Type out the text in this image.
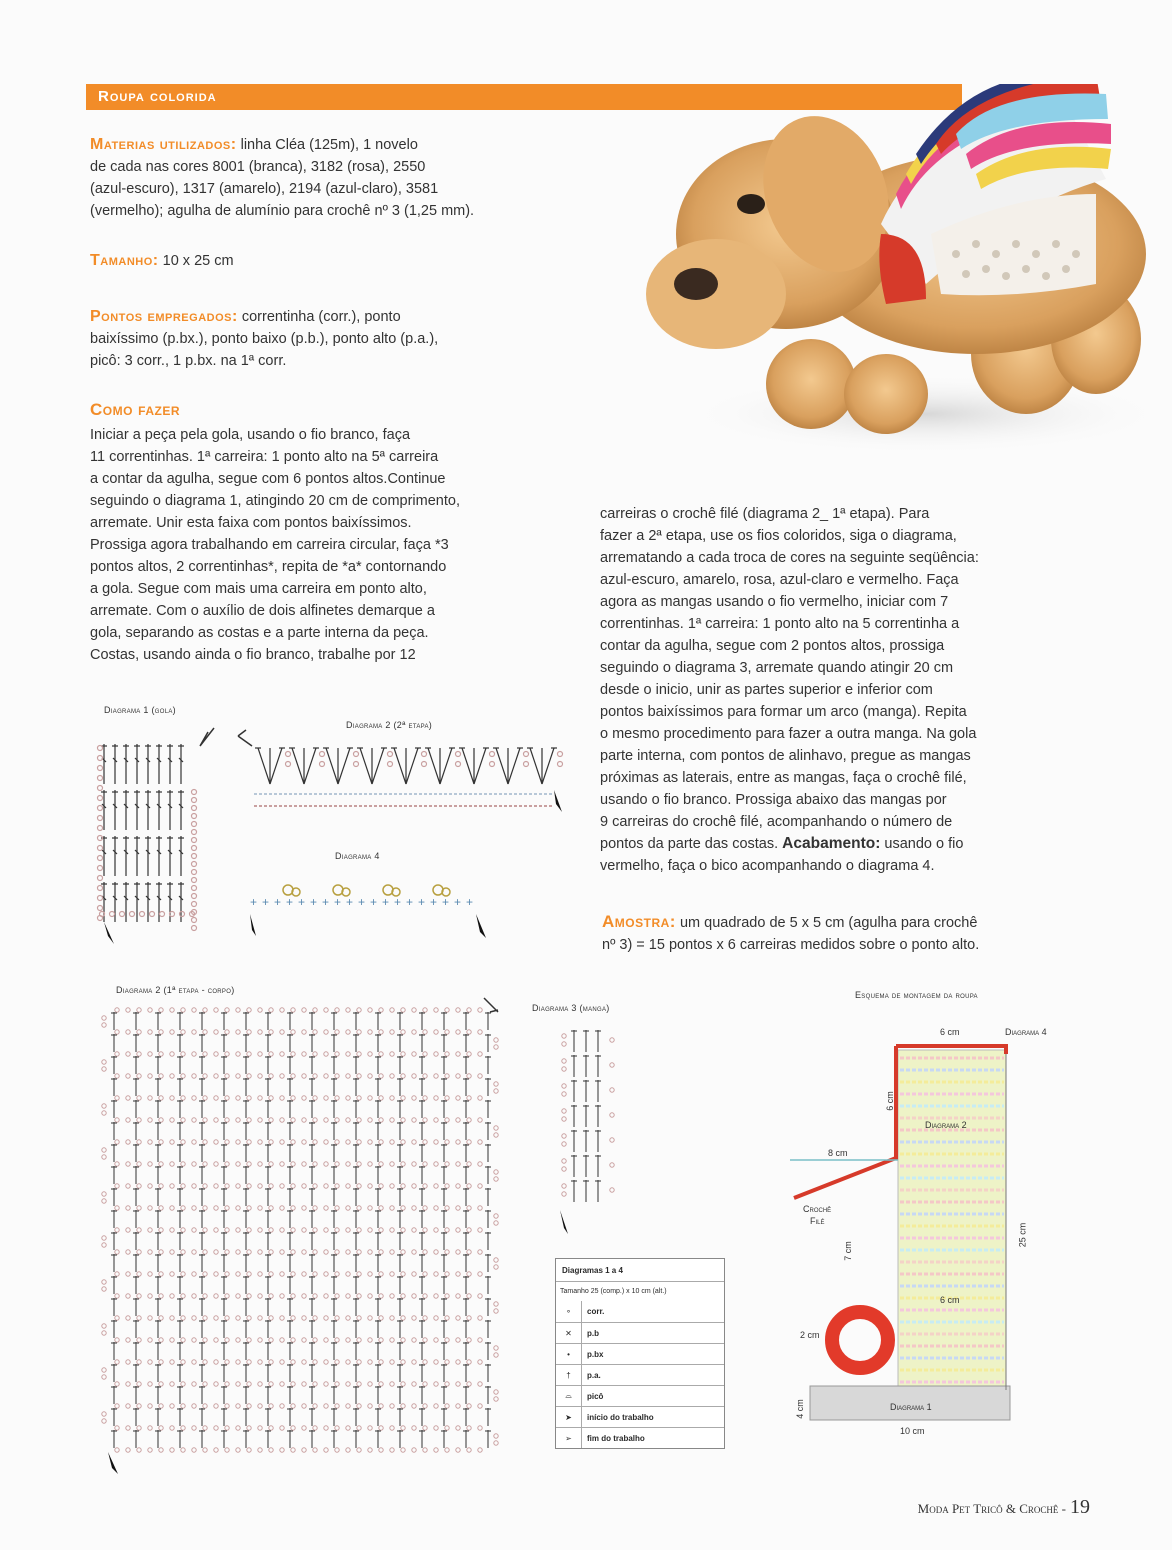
Roupa colorida
Materias utilizados: linha Cléa (125m), 1 novelo
de cada nas cores 8001 (branca), 3182 (rosa), 2550
(azul-escuro), 1317 (amarelo), 2194 (azul-claro), 3581
(vermelho); agulha de alumínio para crochê nº 3 (1,25 mm).
Tamanho: 10 x 25 cm
Pontos empregados: correntinha (corr.), ponto
baixíssimo (p.bx.), ponto baixo (p.b.), ponto alto (p.a.),
picô: 3 corr., 1 p.bx. na 1ª corr.
Como fazer
Iniciar a peça pela gola, usando o fio branco, faça
11 correntinhas. 1ª carreira: 1 ponto alto na 5ª carreira
a contar da agulha, segue com 6 pontos altos.Continue
seguindo o diagrama 1, atingindo 20 cm de comprimento,
arremate. Unir esta faixa com pontos baixíssimos.
Prossiga agora trabalhando em carreira circular, faça *3
pontos altos, 2 correntinhas*, repita de *a* contornando
a gola. Segue com mais uma carreira em ponto alto,
arremate. Com o auxílio de dois alfinetes demarque a
gola, separando as costas e a parte interna da peça.
Costas, usando ainda o fio branco, trabalhe por 12
carreiras o crochê filé (diagrama 2_ 1ª etapa). Para
fazer a 2ª etapa, use os fios coloridos, siga o diagrama,
arrematando a cada troca de cores na seguinte seqüência:
azul-escuro, amarelo, rosa, azul-claro e vermelho. Faça
agora as mangas usando o fio vermelho, iniciar com 7
correntinhas. 1ª carreira: 1 ponto alto na 5 correntinha a
contar da agulha, segue com 2 pontos altos, prossiga
seguindo o diagrama 3, arremate quando atingir 20 cm
desde o inicio, unir as partes superior e inferior com
pontos baixíssimos para formar um arco (manga). Repita
o mesmo procedimento para fazer a outra manga. Na gola
parte interna, com pontos de alinhavo, pregue as mangas
próximas as laterais, entre as mangas, faça o crochê filé,
usando o fio branco. Prossiga abaixo das mangas por
9 carreiras do crochê filé, acompanhando o número de
pontos da parte das costas. Acabamento: usando o fio
vermelho, faça o bico acompanhando o diagrama 4.
Amostra: um quadrado de 5 x 5 cm (agulha para crochê
nº 3) = 15 pontos x 6 carreiras medidos sobre o ponto alto.
Diagrama 1 (gola)
Diagrama 2 (2ª etapa)
Diagrama 4
Diagrama 2 (1ª etapa - corpo)
Diagrama 3 (manga)
Esquema de montagem da roupa
+ + + + + + + + + + + + + + + + + + +
Diagramas 1 a 4
Tamanho 25 (comp.) x 10 cm (alt.)
∘	corr.
✕	p.b
•	p.bx
†	p.a.
⌓	picô
➤	início do trabalho
➢	fim do trabalho
6 cm	Diagrama 4
6 cm
Diagrama 2
8 cm
Crochê
Filé
7 cm
25 cm
6 cm
2 cm
4 cm	Diagrama 1
10 cm
Moda Pet Tricô & Crochê - 19
